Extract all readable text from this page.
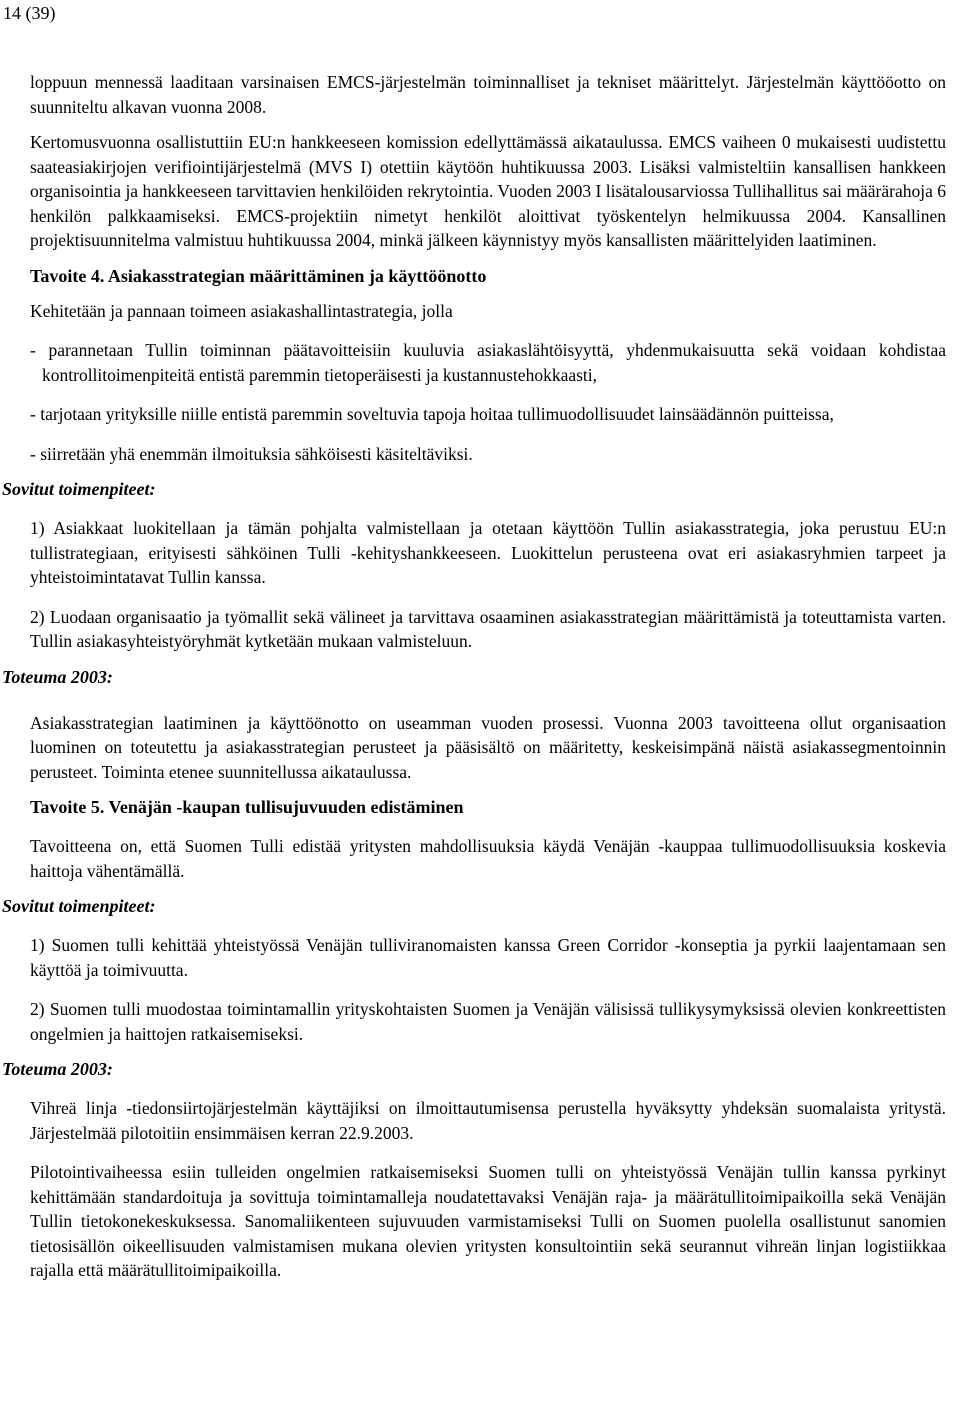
14 (39)

loppuun mennessä laaditaan varsinaisen EMCS-järjestelmän toiminnalliset ja tekniset määrittelyt. Järjestelmän käyttööotto on suunniteltu alkavan vuonna 2008.

Kertomusvuonna osallistuttiin EU:n hankkeeseen komission edellyttämässä aikataulussa. EMCS vaiheen 0 mukaisesti uudistettu saateasiakirjojen verifiointijärjestelmä (MVS I) otettiin käytöön huhtikuussa 2003. Lisäksi valmisteltiin kansallisen hankkeen organisointia ja hankkeeseen tarvittavien henkilöiden rekrytointia. Vuoden 2003 I lisätalousarviossa Tullihallitus sai määrärahoja 6 henkilön palkkaamiseksi. EMCS-projektiin nimetyt henkilöt aloittivat työskentelyn helmikuussa 2004. Kansallinen projektisuunnitelma valmistuu huhtikuussa 2004, minkä jälkeen käynnistyy myös kansallisten määrittelyiden laatiminen.

Tavoite 4. Asiakasstrategian määrittäminen ja käyttöönotto

Kehitetään ja pannaan toimeen asiakashallintastrategia, jolla

- parannetaan Tullin toiminnan päätavoitteisiin kuuluvia asiakaslähtöisyyttä, yhdenmukaisuutta sekä voidaan kohdistaa kontrollitoimenpiteitä entistä paremmin tietoperäisesti ja kustannustehokkaasti,

- tarjotaan yrityksille niille entistä paremmin soveltuvia tapoja hoitaa tullimuodollisuudet lainsäädännön puitteissa,

- siirretään yhä enemmän ilmoituksia sähköisesti käsiteltäviksi.

Sovitut toimenpiteet:

1) Asiakkaat luokitellaan ja tämän pohjalta valmistellaan ja otetaan käyttöön Tullin asiakasstrategia, joka perustuu EU:n tullistrategiaan, erityisesti sähköinen Tulli -kehityshankkeeseen. Luokittelun perusteena ovat eri asiakasryhmien tarpeet ja yhteistoimintatavat Tullin kanssa.

2) Luodaan organisaatio ja työmallit sekä välineet ja tarvittava osaaminen asiakasstrategian määrittämistä ja toteuttamista varten. Tullin asiakasyhteistyöryhmät kytketään mukaan valmisteluun.

Toteuma 2003:

Asiakasstrategian laatiminen ja käyttöönotto on useamman vuoden prosessi. Vuonna 2003 tavoitteena ollut organisaation luominen on toteutettu ja asiakasstrategian perusteet ja pääsisältö on määritetty, keskeisimpänä näistä asiakassegmentoinnin perusteet. Toiminta etenee suunnitellussa aikataulussa.

Tavoite 5. Venäjän -kaupan tullisujuvuuden edistäminen

Tavoitteena on, että Suomen Tulli edistää yritysten mahdollisuuksia käydä Venäjän -kauppaa tullimuodollisuuksia koskevia haittoja vähentämällä.

Sovitut toimenpiteet:

1) Suomen tulli kehittää yhteistyössä Venäjän tulliviranomaisten kanssa Green Corridor -konseptia ja pyrkii laajentamaan sen käyttöä ja toimivuutta.

2) Suomen tulli muodostaa toimintamallin yrityskohtaisten Suomen ja Venäjän välisissä tullikysymyksissä olevien konkreettisten ongelmien ja haittojen ratkaisemiseksi.

Toteuma 2003:

Vihreä linja -tiedonsiirtojärjestelmän käyttäjiksi on ilmoittautumisensa perustella hyväksytty yhdeksän suomalaista yritystä. Järjestelmää pilotoitiin ensimmäisen kerran 22.9.2003.

Pilotointivaiheessa esiin tulleiden ongelmien ratkaisemiseksi Suomen tulli on yhteistyössä Venäjän tullin kanssa pyrkinyt kehittämään standardoituja ja sovittuja toimintamalleja noudatettavaksi Venäjän raja- ja määrätullitoimipaikoilla sekä Venäjän Tullin tietokonekeskuksessa. Sanomaliikenteen sujuvuuden varmistamiseksi Tulli on Suomen puolella osallistunut sanomien tietosisällön oikeellisuuden valmistamisen mukana olevien yritysten konsultointiin sekä seurannut vihreän linjan logistiikkaa rajalla että määrätullitoimipaikoilla.
